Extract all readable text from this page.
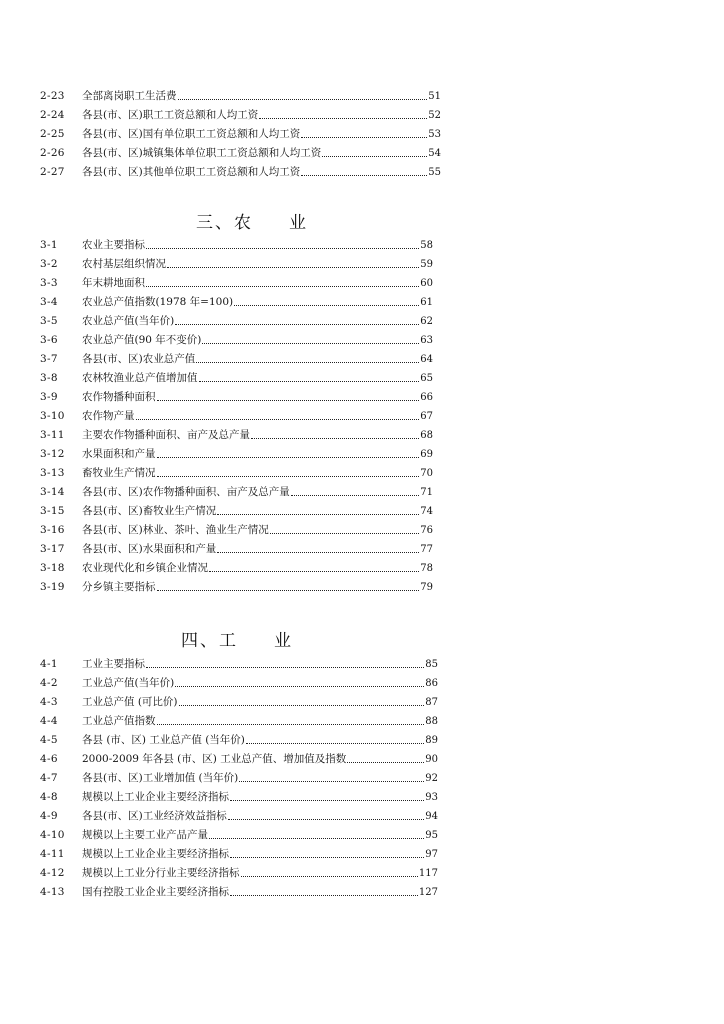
2-23	全部离岗职工生活费	51
2-24	各县(市、区)职工工资总额和人均工资	52
2-25	各县(市、区)国有单位职工工资总额和人均工资	53
2-26	各县(市、区)城镇集体单位职工工资总额和人均工资	54
2-27	各县(市、区)其他单位职工工资总额和人均工资	55
三、农 业
3-1	农业主要指标	58
3-2	农村基层组织情况	59
3-3	年末耕地面积	60
3-4	农业总产值指数(1978 年=100)	61
3-5	农业总产值(当年价)	62
3-6	农业总产值(90 年不变价)	63
3-7	各县(市、区)农业总产值	64
3-8	农林牧渔业总产值增加值	65
3-9	农作物播种面积	66
3-10	农作物产量	67
3-11	主要农作物播种面积、亩产及总产量	68
3-12	水果面积和产量	69
3-13	畜牧业生产情况	70
3-14	各县(市、区)农作物播种面积、亩产及总产量	71
3-15	各县(市、区)畜牧业生产情况	74
3-16	各县(市、区)林业、茶叶、渔业生产情况	76
3-17	各县(市、区)水果面积和产量	77
3-18	农业现代化和乡镇企业情况	78
3-19	分乡镇主要指标	79
四、工 业
4-1	工业主要指标	85
4-2	工业总产值(当年价)	86
4-3	工业总产值 (可比价)	87
4-4	工业总产值指数	88
4-5	各县 (市、区) 工业总产值 (当年价)	89
4-6	2000-2009 年各县 (市、区) 工业总产值、增加值及指数	90
4-7	各县(市、区)工业增加值 (当年价)	92
4-8	规模以上工业企业主要经济指标	93
4-9	各县(市、区)工业经济效益指标	94
4-10	规模以上主要工业产品产量	95
4-11	规模以上工业企业主要经济指标	97
4-12	规模以上工业分行业主要经济指标	117
4-13	国有控股工业企业主要经济指标	127
